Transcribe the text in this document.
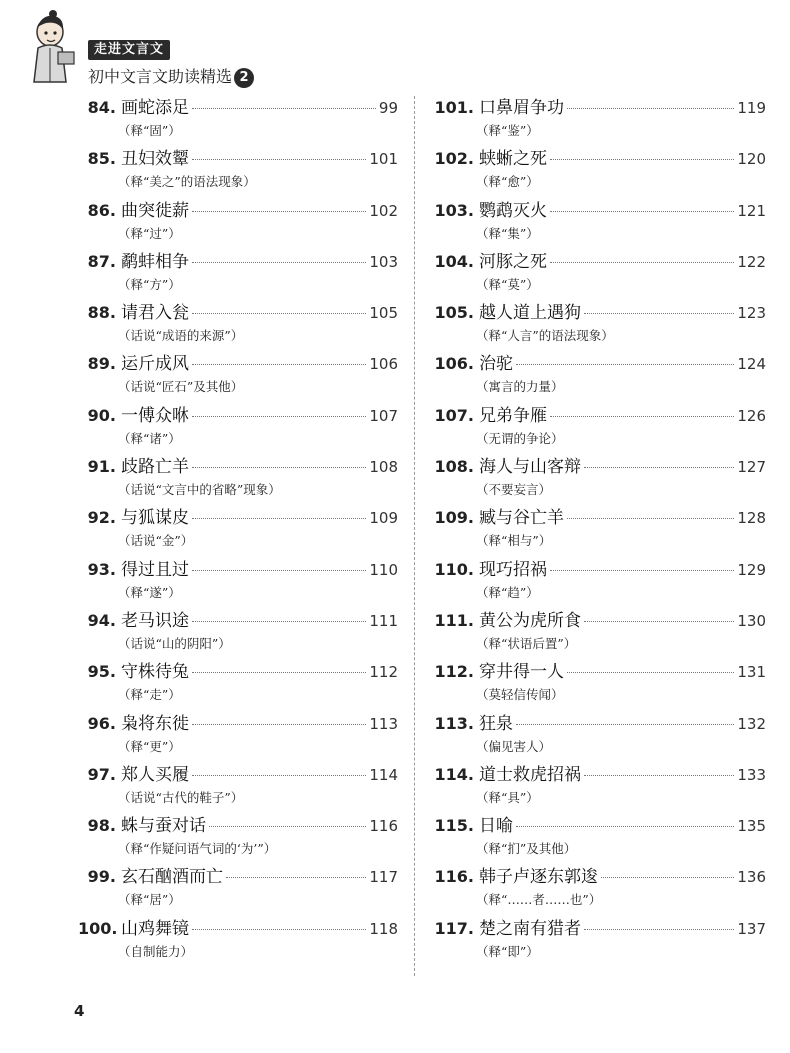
走进文言文
初中文言文助读精选 2
84. 画蛇添足	99
（释“固”）
85. 丑妇效颦	101
（释“美之”的语法现象）
86. 曲突徙薪	102
（释“过”）
87. 鹬蚌相争	103
（释“方”）
88. 请君入瓮	105
（话说“成语的来源”）
89. 运斤成风	106
（话说“匠石”及其他）
90. 一傅众咻	107
（释“诸”）
91. 歧路亡羊	108
（话说“文言中的省略”现象）
92. 与狐谋皮	109
（话说“金”）
93. 得过且过	110
（释“遂”）
94. 老马识途	111
（话说“山的阴阳”）
95. 守株待兔	112
（释“走”）
96. 枭将东徙	113
（释“更”）
97. 郑人买履	114
（话说“古代的鞋子”）
98. 蛛与蚕对话	116
（释“作疑问语气词的‘为’”）
99. 玄石酗酒而亡	117
（释“居”）
100. 山鸡舞镜	118
（自制能力）
101. 口鼻眉争功	119
（释“鉴”）
102. 蛱蜥之死	120
（释“愈”）
103. 鹦鹉灭火	121
（释“集”）
104. 河豚之死	122
（释“莫”）
105. 越人道上遇狗	123
（释“人言”的语法现象）
106. 治驼	124
（寓言的力量）
107. 兄弟争雁	126
（无谓的争论）
108. 海人与山客辩	127
（不要妄言）
109. 臧与谷亡羊	128
（释“相与”）
110. 现巧招祸	129
（释“趋”）
111. 黄公为虎所食	130
（释“状语后置”）
112. 穿井得一人	131
（莫轻信传闻）
113. 狂泉	132
（偏见害人）
114. 道士救虎招祸	133
（释“具”）
115. 日喻	135
（释“扪”及其他）
116. 韩子卢逐东郭逡	136
（释“……者……也”）
117. 楚之南有猎者	137
（释“即”）
4
